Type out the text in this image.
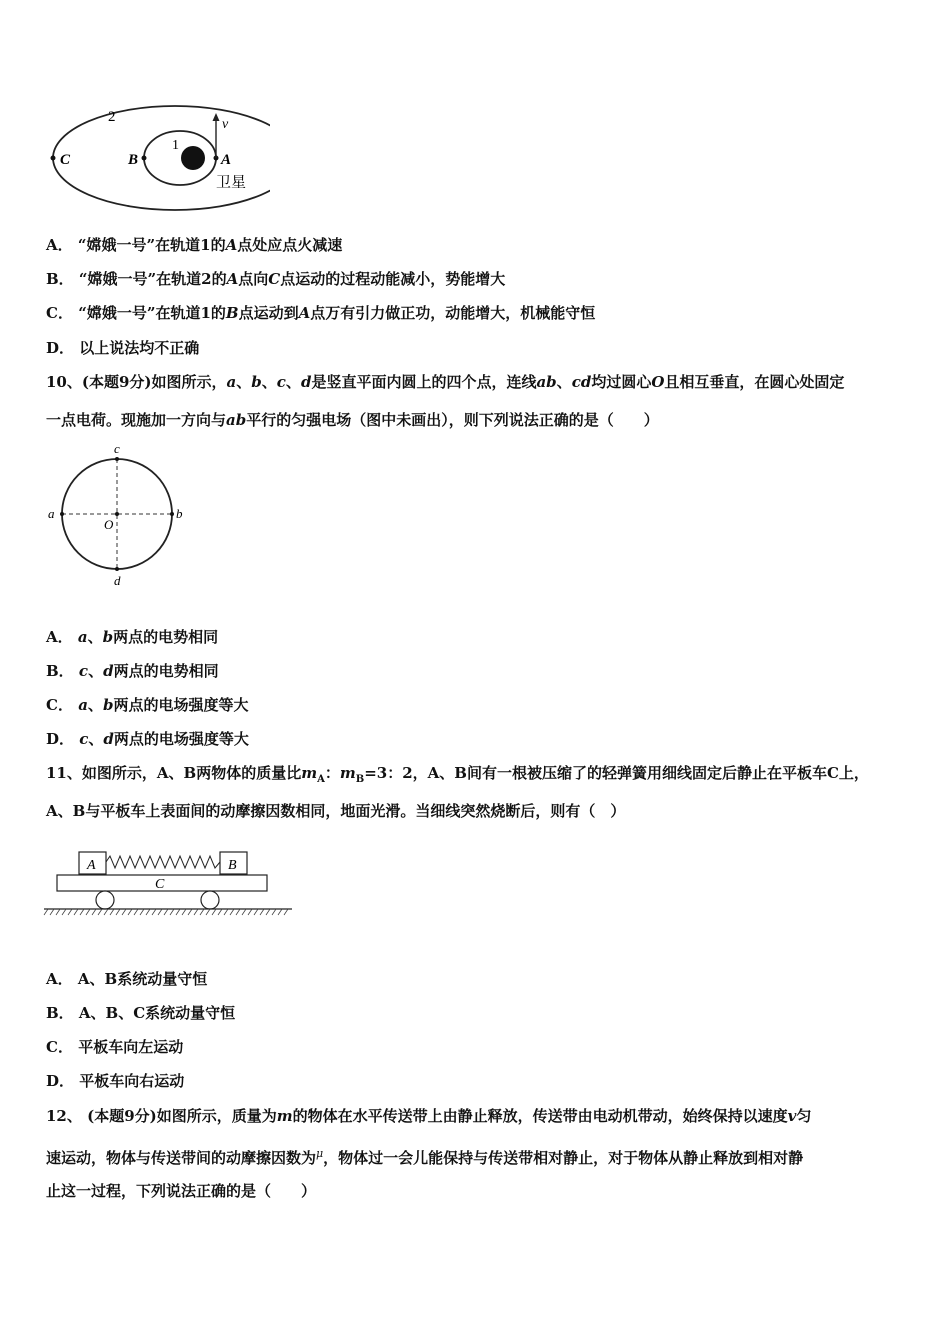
2
1
C	B	A
v
卫星
A． “嫦娥一号”在轨道1的A点处应点火减速
B． “嫦娥一号”在轨道2的A点向C点运动的过程动能减小，势能增大
C． “嫦娥一号”在轨道1的B点运动到A点万有引力做正功，动能增大，机械能守恒
D． 以上说法均不正确
10、(本题9分)如图所示，a、b、c、d是竖直平面内圆上的四个点，连线ab、cd均过圆心O且相互垂直，在圆心处固定
一点电荷。现施加一方向与ab平行的匀强电场（图中未画出），则下列说法正确的是（　　）
a	b
c
d
O
A． a、b两点的电势相同
B． c、d两点的电势相同
C． a、b两点的电场强度等大
D． c、d两点的电场强度等大
11、如图所示，A、B两物体的质量比$m_A$：$m_B=3$：2，A、B间有一根被压缩了的轻弹簧用细线固定后静止在平板车C上，
A、B与平板车上表面间的动摩擦因数相同，地面光滑。当细线突然烧断后，则有（　）
A	B
C
A． A、B系统动量守恒
B． A、B、C系统动量守恒
C． 平板车向左运动
D． 平板车向右运动
12、 (本题9分)如图所示，质量为m的物体在水平传送带上由静止释放，传送带由电动机带动，始终保持以速度v匀
速运动，物体与传送带间的动摩擦因数为$^\mu$，物体过一会儿能保持与传送带相对静止，对于物体从静止释放到相对静
止这一过程，下列说法正确的是（　　）
